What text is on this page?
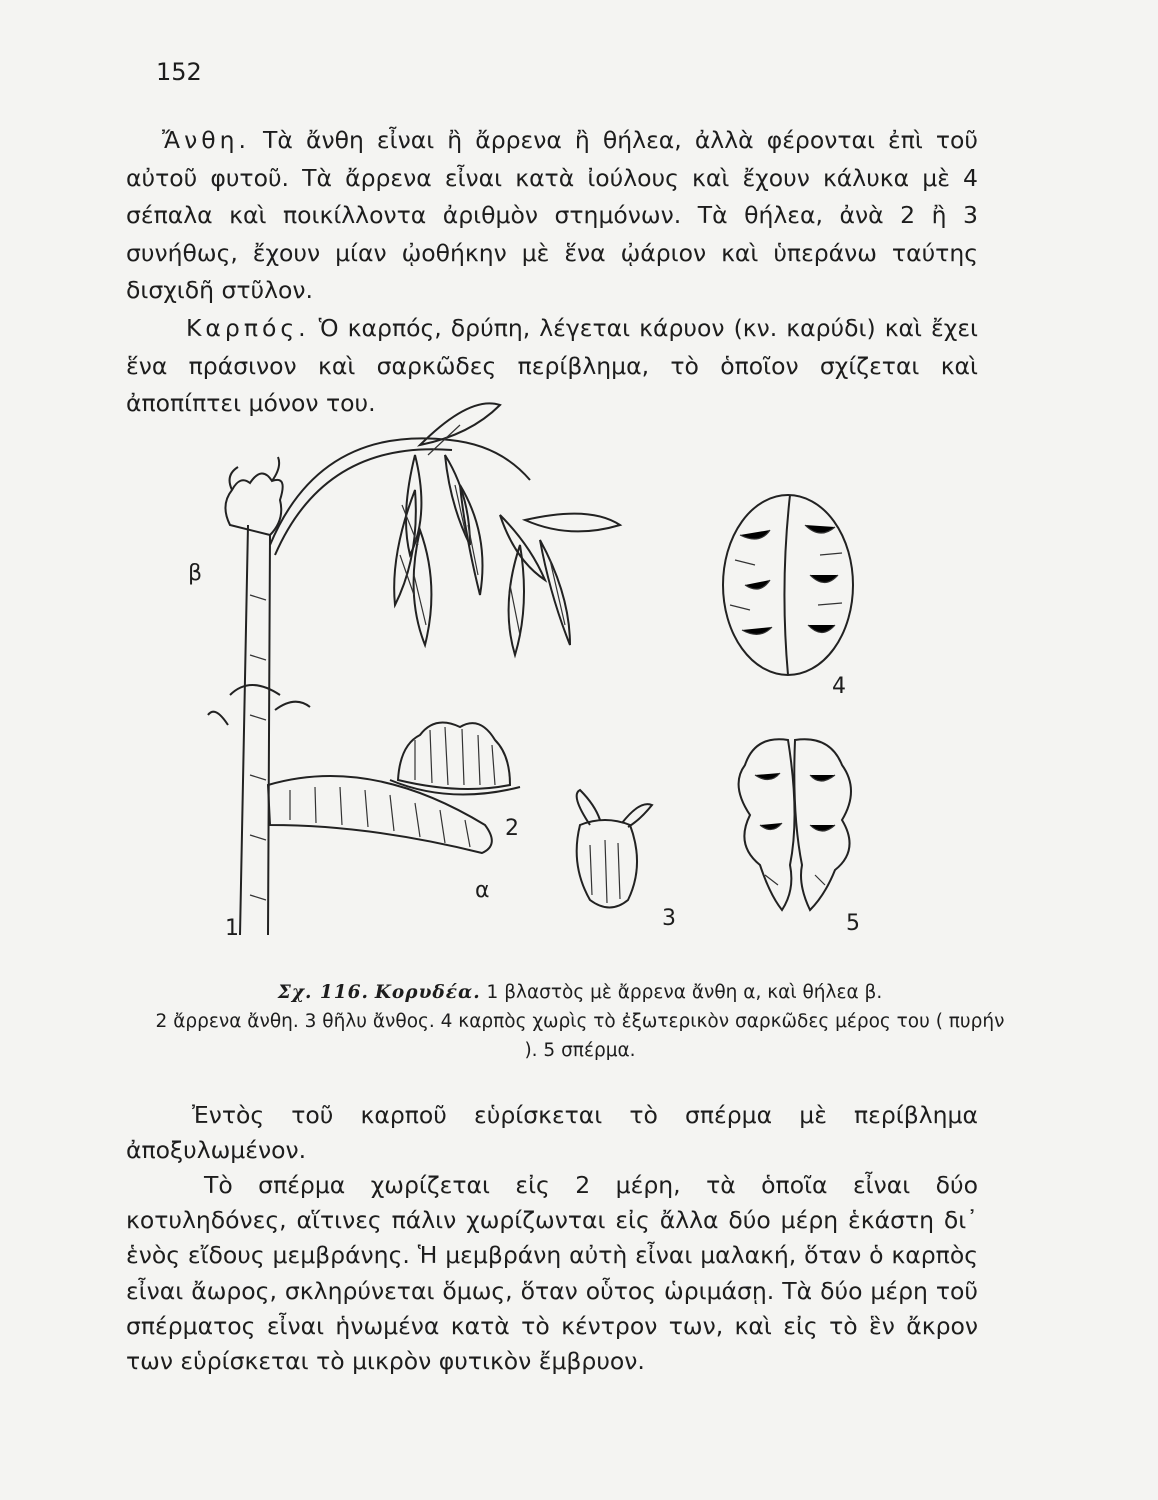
152

Ἄνθη. Τὰ ἄνθη εἶναι ἢ ἄρρενα ἢ θήλεα, ἀλλὰ φέρονται ἐπὶ τοῦ αὐτοῦ φυτοῦ. Τὰ ἄρρενα εἶναι κατὰ ἰούλους καὶ ἔχουν κάλυκα μὲ 4 σέπαλα καὶ ποικίλλοντα ἀριθμὸν στημόνων. Τὰ θήλεα, ἀνὰ 2 ἢ 3 συνήθως, ἔχουν μίαν ᾠοθήκην μὲ ἕνα ᾠάριον καὶ ὑπεράνω ταύτης δισχιδῆ στῦλον.

Καρπός. Ὁ καρπός, δρύπη, λέγεται κάρυον (κν. καρύδι) καὶ ἔχει ἕνα πράσινον καὶ σαρκῶδες περίβλημα, τὸ ὁποῖον σχίζεται καὶ ἀποπίπτει μόνον του.

β
α
1
2
3
4
5
Σχ. 116. Κορυδέα. 1 βλαστὸς μὲ ἄρρενα ἄνθη α, καὶ θήλεα β.
2 ἄρρενα ἄνθη. 3 θῆλυ ἄνθος. 4 καρπὸς χωρὶς τὸ ἐξωτερικὸν σαρκῶδες μέρος του ( πυρήν ). 5 σπέρμα.

Ἐντὸς τοῦ καρποῦ εὑρίσκεται τὸ σπέρμα μὲ περίβλημα ἀποξυλωμένον.

Τὸ σπέρμα χωρίζεται εἰς 2 μέρη, τὰ ὁποῖα εἶναι δύο κοτυληδόνες, αἵτινες πάλιν χωρίζωνται εἰς ἄλλα δύο μέρη ἑκάστη δι᾽ ἑνὸς εἴδους μεμβράνης. Ἡ μεμβράνη αὐτὴ εἶναι μαλακή, ὅταν ὁ καρπὸς εἶναι ἄωρος, σκληρύνεται ὅμως, ὅταν οὗτος ὡριμάσῃ. Τὰ δύο μέρη τοῦ σπέρματος εἶναι ἡνωμένα κατὰ τὸ κέντρον των, καὶ εἰς τὸ ἓν ἄκρον των εὑρίσκεται τὸ μικρὸν φυτικὸν ἔμβρυον.
